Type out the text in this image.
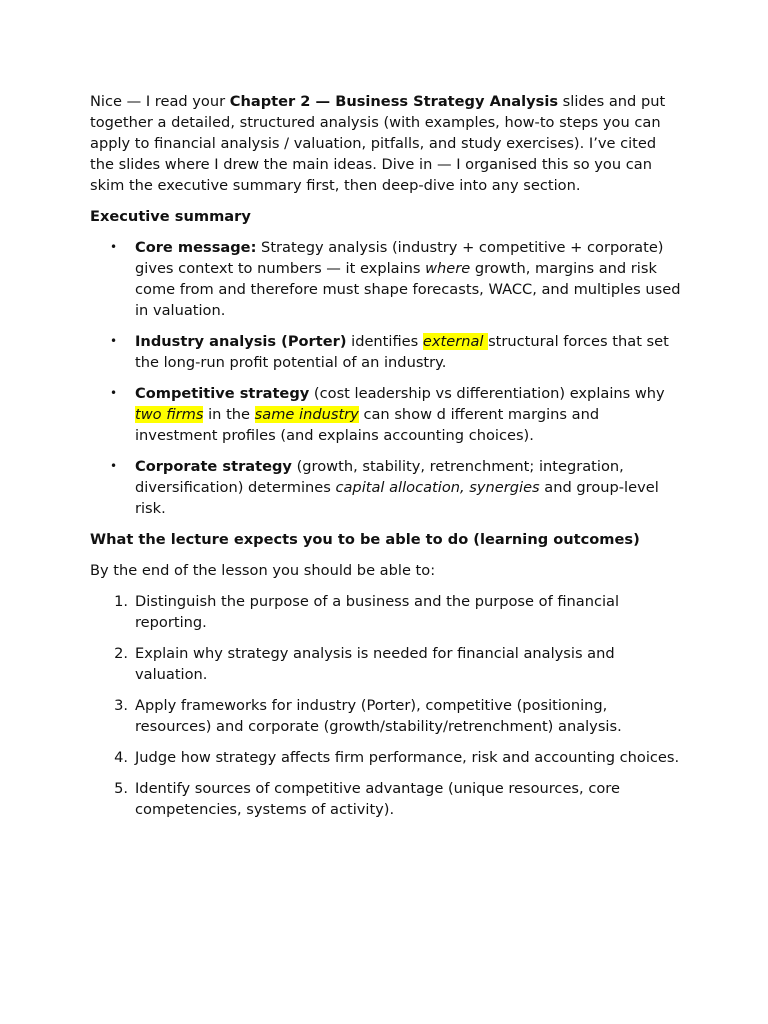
Nice — I read your Chapter 2 — Business Strategy Analysis slides and put together a detailed, structured analysis (with examples, how-to steps you can apply to financial analysis / valuation, pitfalls, and study exercises). I’ve cited the slides where I drew the main ideas. Dive in — I organised this so you can skim the executive summary first, then deep-dive into any section.

Executive summary
• Core message: Strategy analysis (industry + competitive + corporate) gives context to numbers — it explains where growth, margins and risk come from and therefore must shape forecasts, WACC, and multiples used in valuation.
• Industry analysis (Porter) identifies external structural forces that set the long-run profit potential of an industry.
• Competitive strategy (cost leadership vs differentiation) explains why two firms in the same industry can show d ifferent margins and investment profiles (and explains accounting choices).
• Corporate strategy (growth, stability, retrenchment; integration, diversification) determines capital allocation, synergies and group-level risk.
What the lecture expects you to be able to do (learning outcomes)

By the end of the lesson you should be able to:

1. Distinguish the purpose of a business and the purpose of financial reporting.
2. Explain why strategy analysis is needed for financial analysis and valuation.
3. Apply frameworks for industry (Porter), competitive (positioning, resources) and corporate (growth/stability/retrenchment) analysis.
4. Judge how strategy affects firm performance, risk and accounting choices.
5. Identify sources of competitive advantage (unique resources, core competencies, systems of activity).
